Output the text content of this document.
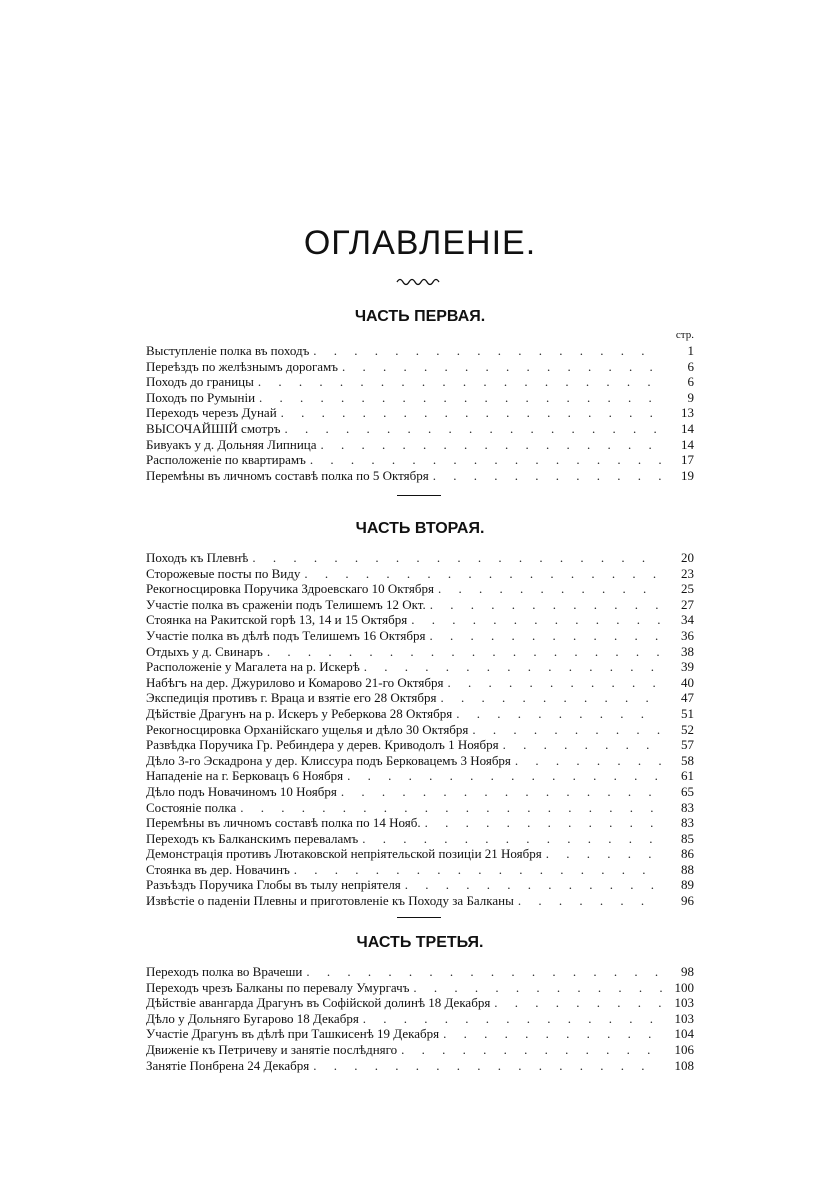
ОГЛАВЛЕНІЕ.
ЧАСТЬ ПЕРВАЯ.
стр.
Выступленіе полка въ походъ . . .	1
Переѣздъ по желѣзнымъ дорогамъ . . .	6
Походъ до границы . . .	6
Походъ по Румыніи . . .	9
Переходъ черезъ Дунай . . .	13
ВЫСОЧАЙШІЙ смотръ . . .	14
Бивуакъ у д. Дольняя Липница . . .	14
Расположеніе по квартирамъ . . .	17
Перемѣны въ личномъ составѣ полка по 5 Октября . . .	19
ЧАСТЬ ВТОРАЯ.
Походъ къ Плевнѣ . . .	20
Сторожевые посты по Виду . . .	23
Рекогносцировка Поручика Здроевскаго 10 Октября . . .	25
Участіе полка въ сраженіи подъ Телишемъ 12 Окт. . . .	27
Стоянка на Ракитской горѣ 13, 14 и 15 Октября . . .	34
Участіе полка въ дѣлѣ подъ Телишемъ 16 Октября . . .	36
Отдыхъ у д. Свинаръ . . .	38
Расположеніе у Магалета на р. Искерѣ . . .	39
Набѣгъ на дер. Джурилово и Комарово 21-го Октября . . .	40
Экспедиція противъ г. Враца и взятіе его 28 Октября . . .	47
Дѣйствіе Драгунъ на р. Искеръ у Реберкова 28 Октября . . .	51
Рекогносцировка Орханійскаго ущелья и дѣло 30 Октября . . .	52
Развѣдка Поручика Гр. Ребиндера у дерев. Криводолъ 1 Ноября . . .	57
Дѣло 3-го Эскадрона у дер. Клиссура подъ Берковацемъ 3 Ноября . . .	58
Нападеніе на г. Берковацъ 6 Ноября . . .	61
Дѣло подъ Новачиномъ 10 Ноября . . .	65
Состояніе полка . . .	83
Перемѣны въ личномъ составѣ полка по 14 Нояб. . . .	83
Переходъ къ Балканскимъ переваламъ . . .	85
Демонстрація противъ Лютаковской непріятельской позиціи 21 Ноября . . .	86
Стоянка въ дер. Новачинъ . . .	88
Разъѣздъ Поручика Глобы въ тылу непріятеля . . .	89
Извѣстіе о паденіи Плевны и приготовленіе къ Походу за Балканы . . .	96
ЧАСТЬ ТРЕТЬЯ.
Переходъ полка во Врачеши . . .	98
Переходъ чрезъ Балканы по перевалу Умургачъ . . .	100
Дѣйствіе авангарда Драгунъ въ Софійской долинѣ 18 Декабря . . .	103
Дѣло у Дольняго Бугарово 18 Декабря . . .	103
Участіе Драгунъ въ дѣлѣ при Ташкисенѣ 19 Декабря . . .	104
Движеніе къ Петричеву и занятіе послѣдняго . . .	106
Занятіе Понбрена 24 Декабря . . .	108
